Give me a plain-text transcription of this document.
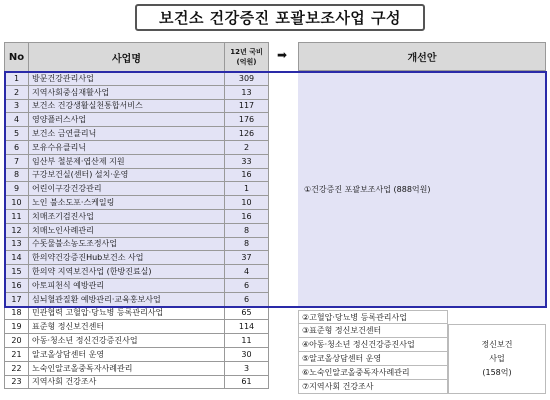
보건소 건강증진 포괄보조사업 구성
No	사업명	12년 국비
(억원)

1	방문건강관리사업	309
2	지역사회중심재활사업	13
3	보건소 건강생활실천통합서비스	117
4	영양플러스사업	176
5	보건소 금연클리닉	126
6	모유수유클리닉	2
7	임산부 철분제·엽산제 지원	33
8	구강보건실(센터) 설치·운영	16
9	어린이구강건강관리	1
10	노인 불소도포·스케일링	10
11	치매조기검진사업	16
12	치매노인사례관리	8
13	수돗물불소농도조정사업	8
14	한의약건강증진Hub보건소 사업	37
15	한의약 지역보건사업 (한방진료실)	4
16	아토피천식 예방관리	6
17	심뇌혈관질환 예방관리·교육홍보사업	6
18	민관협력 고혈압·당뇨병 등록관리사업	65
19	표준형 정신보건센터	114
20	아동·청소년 정신건강증진사업	11
21	알코올상담센터 운영	30
22	노숙인알코올중독자사례관리	3
23	지역사회 건강조사	61
➡	개선안
①건강증진 포괄보조사업 (888억원)
②고혈압·당뇨병 등록관리사업
③표준형 정신보건센터
④아동·청소년 정신건강증진사업
⑤알코올상담센터 운영
⑥노숙인알코올중독자사례관리
⑦지역사회 건강조사
정신보건
사업
(158억)
